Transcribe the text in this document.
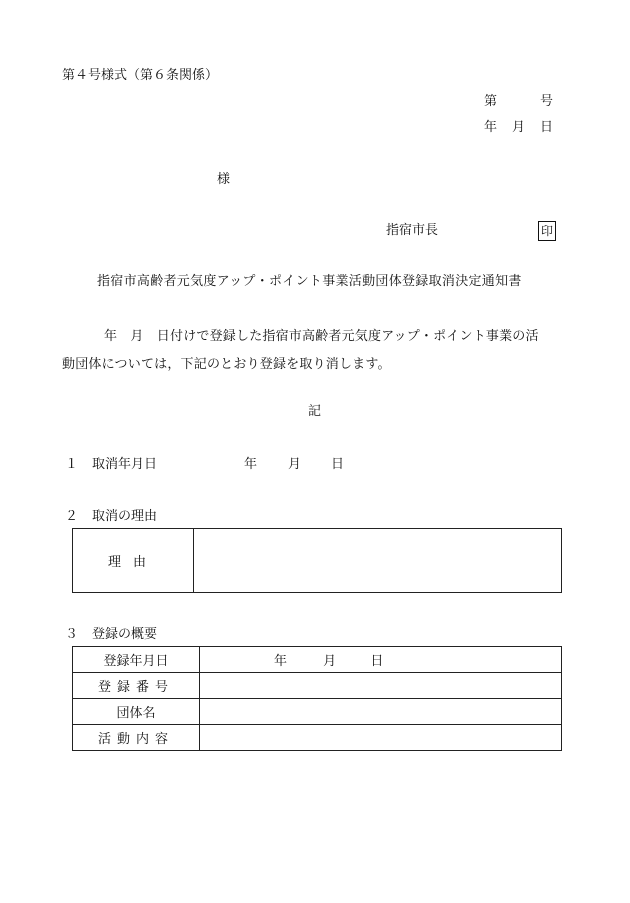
第４号様式（第６条関係）
第	号
年 月 日
様
指宿市長	印
指宿市高齢者元気度アップ・ポイント事業活動団体登録取消決定通知書
年　月　日付けで登録した指宿市高齢者元気度アップ・ポイント事業の活
動団体については，下記のとおり登録を取り消します。
記
１ 取消年月日	年 月 日
２ 取消の理由
理由	
３ 登録の概要
登録年月日	年 月 日
登録番号	
団体名	
活動内容	
